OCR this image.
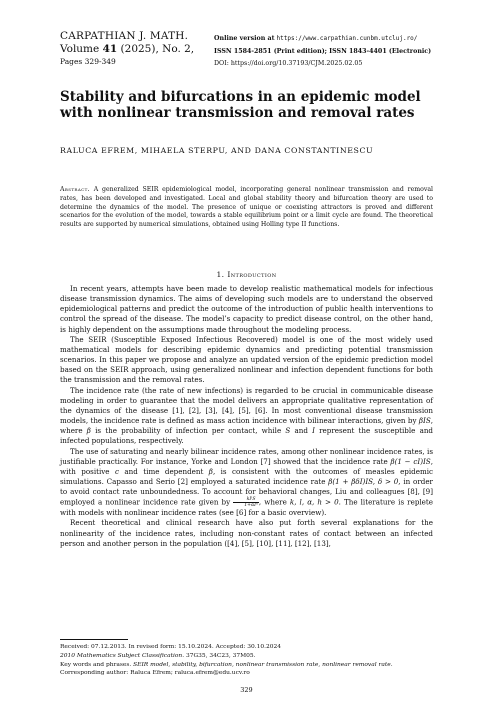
CARPATHIAN J. MATH.
Volume 41 (2025), No. 2,
Pages 329-349
Online version at https://www.carpathian.cunbm.utcluj.ro/
ISSN 1584-2851 (Print edition); ISSN 1843-4401 (Electronic)
DOI: https://doi.org/10.37193/CJM.2025.02.05
Stability and bifurcations in an epidemic model with nonlinear transmission and removal rates
RALUCA EFREM, MIHAELA STERPU, AND DANA CONSTANTINESCU
Abstract. A generalized SEIR epidemiological model, incorporating general nonlinear transmission and removal rates, has been developed and investigated. Local and global stability theory and bifurcation theory are used to determine the dynamics of the model. The presence of unique or coexisting attractors is proved and different scenarios for the evolution of the model, towards a stable equilibrium point or a limit cycle are found. The theoretical results are supported by numerical simulations, obtained using Holling type II functions.
1. Introduction

In recent years, attempts have been made to develop realistic mathematical models for infectious disease transmission dynamics. The aims of developing such models are to understand the observed epidemiological patterns and predict the outcome of the introduction of public health interventions to control the spread of the disease. The model’s capacity to predict disease control, on the other hand, is highly dependent on the assumptions made throughout the modeling process.

The SEIR (Susceptible Exposed Infectious Recovered) model is one of the most widely used mathematical models for describing epidemic dynamics and predicting potential transmission scenarios. In this paper we propose and analyze an updated version of the epidemic prediction model based on the SEIR approach, using generalized nonlinear and infection dependent functions for both the transmission and the removal rates.

The incidence rate (the rate of new infections) is regarded to be crucial in communicable disease modeling in order to guarantee that the model delivers an appropriate qualitative representation of the dynamics of the disease [1], [2], [3], [4], [5], [6]. In most conventional disease transmission models, the incidence rate is defined as mass action incidence with bilinear interactions, given by βIS, where β is the probability of infection per contact, while S and I represent the susceptible and infected populations, respectively.

The use of saturating and nearly bilinear incidence rates, among other nonlinear incidence rates, is justifiable practically. For instance, Yorke and London [7] showed that the incidence rate β(1 − cI)IS, with positive c and time dependent β, is consistent with the outcomes of measles epidemic simulations. Capasso and Serio [2] employed a saturated incidence rate β(1 + βδI)IS, δ > 0, in order to avoid contact rate unboundedness. To account for behavioral changes, Liu and colleagues [8], [9] employed a nonlinear incidence rate given by $\frac{\text{kIˡS}}{\text{1+αIʰ}}$ , where k, l, α, h > 0. The literature is replete with models with nonlinear incidence rates (see [6] for a basic overview).

Recent theoretical and clinical research have also put forth several explanations for the nonlinearity of the incidence rates, including non-constant rates of contact between an infected person and another person in the population ([4], [5], [10], [11], [12], [13],

Received: 07.12.2013. In revised form: 15.10.2024. Accepted: 30.10.2024
2010 Mathematics Subject Classification. 37G35, 34C23, 37M05.
Key words and phrases. SEIR model, stability, bifurcation, nonlinear transmission rate, nonlinear removal rate.
Corresponding author: Raluca Efrem; raluca.efrem@edu.ucv.ro
329
